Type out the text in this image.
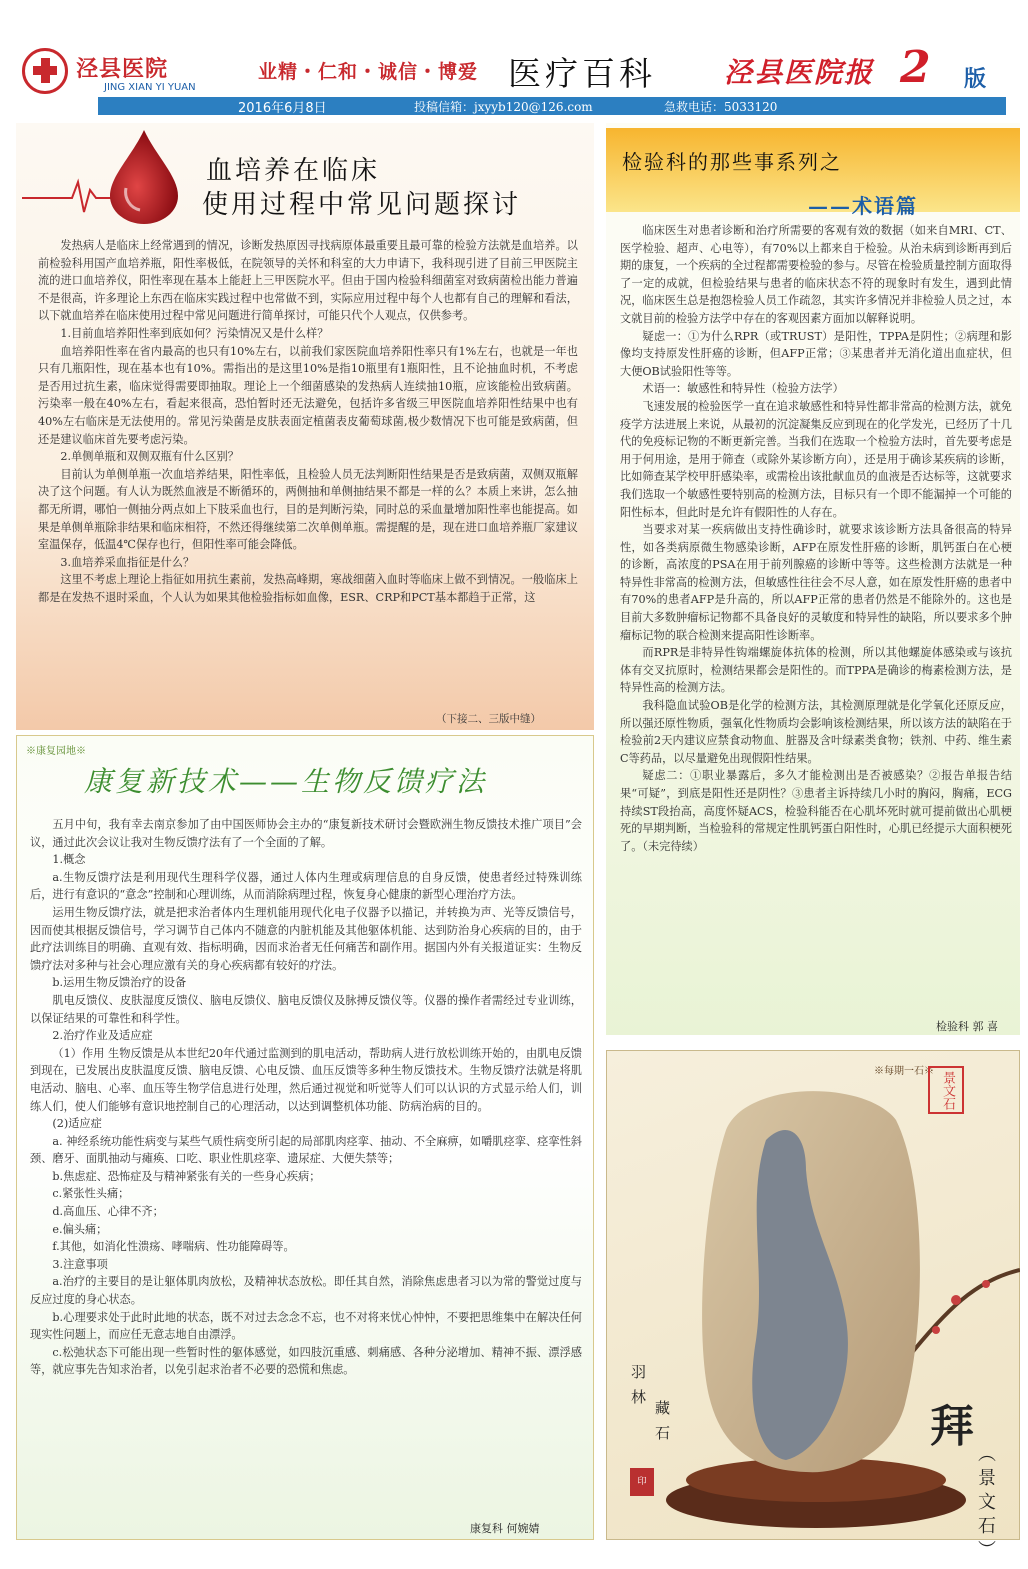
泾县医院
JING XIAN YI YUAN
业精・仁和・诚信・博爱 医疗百科 泾县医院报 2 版
2016年6月8日	投稿信箱：jxyyb120@126.com	急救电话：5033120
血培养在临床
使用过程中常见问题探讨

发热病人是临床上经常遇到的情况，诊断发热原因寻找病原体最重要且最可靠的检验方法就是血培养。以前检验科用国产血培养瓶，阳性率极低，在院领导的关怀和科室的大力申请下，我科现引进了目前三甲医院主流的进口血培养仪，阳性率现在基本上能赶上三甲医院水平。但由于国内检验科细菌室对致病菌检出能力普遍不是很高，许多理论上东西在临床实践过程中也常做不到，实际应用过程中每个人也都有自己的理解和看法，以下就血培养在临床使用过程中常见问题进行简单探讨，可能只代个人观点，仅供参考。

1.目前血培养阳性率到底如何？污染情况又是什么样？

血培养阳性率在省内最高的也只有10%左右，以前我们家医院血培养阳性率只有1%左右，也就是一年也只有几瓶阳性，现在基本也有10%。需指出的是这里10%是指10瓶里有1瓶阳性，且不论抽血时机，不考虑是否用过抗生素，临床觉得需要即抽取。理论上一个细菌感染的发热病人连续抽10瓶，应该能检出致病菌。污染率一般在40%左右，看起来很高，恐怕暂时还无法避免，包括许多省级三甲医院血培养阳性结果中也有40%左右临床是无法使用的。常见污染菌是皮肤表面定植菌表皮葡萄球菌,极少数情况下也可能是致病菌，但还是建议临床首先要考虑污染。

2.单侧单瓶和双侧双瓶有什么区别？

目前认为单侧单瓶一次血培养结果，阳性率低，且检验人员无法判断阳性结果是否是致病菌，双侧双瓶解决了这个问题。有人认为既然血液是不断循环的，两侧抽和单侧抽结果不都是一样的么？本质上来讲，怎么抽都无所谓，哪怕一侧抽分两点如上下肢采血也行，目的是判断污染，同时总的采血量增加阳性率也能提高。如果是单侧单瓶除非结果和临床相符，不然还得继续第二次单侧单瓶。需提醒的是，现在进口血培养瓶厂家建议室温保存，低温4℃保存也行，但阳性率可能会降低。

3.血培养采血指征是什么？

这里不考虑上理论上指征如用抗生素前，发热高峰期，寒战细菌入血时等临床上做不到情况。一般临床上都是在发热不退时采血，个人认为如果其他检验指标如血像，ESR、CRP和PCT基本都趋于正常，这

（下接二、三版中缝）
※康复园地※
康复新技术——生物反馈疗法

五月中旬，我有幸去南京参加了由中国医师协会主办的“康复新技术研讨会暨欧洲生物反馈技术推广项目”会议，通过此次会议让我对生物反馈疗法有了一个全面的了解。

1.概念

a.生物反馈疗法是利用现代生理科学仪器，通过人体内生理或病理信息的自身反馈，使患者经过特殊训练后，进行有意识的“意念”控制和心理训练，从而消除病理过程，恢复身心健康的新型心理治疗方法。

运用生物反馈疗法，就是把求治者体内生理机能用现代化电子仪器予以描记，并转换为声、光等反馈信号，因而使其根据反馈信号，学习调节自己体内不随意的内脏机能及其他躯体机能、达到防治身心疾病的目的，由于此疗法训练目的明确、直观有效、指标明确，因而求治者无任何痛苦和副作用。据国内外有关报道证实：生物反馈疗法对多种与社会心理应激有关的身心疾病都有较好的疗法。

b.运用生物反馈治疗的设备

肌电反馈仪、皮肤湿度反馈仪、脑电反馈仪、脑电反馈仪及脉搏反馈仪等。仪器的操作者需经过专业训练，以保证结果的可靠性和科学性。

2.治疗作业及适应症

（1）作用 生物反馈是从本世纪20年代通过监测到的肌电活动，帮助病人进行放松训练开始的，由肌电反馈到现在，已发展出皮肤温度反馈、脑电反馈、心电反馈、血压反馈等多种生物反馈技术。生物反馈疗法就是将肌电活动、脑电、心率、血压等生物学信息进行处理，然后通过视觉和听觉等人们可以认识的方式显示给人们，训练人们，使人们能够有意识地控制自己的心理活动，以达到调整机体功能、防病治病的目的。

(2)适应症

a. 神经系统功能性病变与某些气质性病变所引起的局部肌肉痉挛、抽动、不全麻痹，如嚼肌痉挛、痉挛性斜颈、磨牙、面肌抽动与瘫痪、口吃、职业性肌痉挛、遗尿症、大便失禁等；

b.焦虑症、恐怖症及与精神紧张有关的一些身心疾病；

c.紧张性头痛；

d.高血压、心律不齐；

e.偏头痛；

f.其他，如消化性溃疡、哮喘病、性功能障碍等。

3.注意事项

a.治疗的主要目的是让躯体肌肉放松，及精神状态放松。即任其自然，消除焦虑患者习以为常的警觉过度与反应过度的身心状态。

b.心理要求处于此时此地的状态，既不对过去念念不忘，也不对将来忧心忡忡，不要把思维集中在解决任何现实性问题上，而应任无意志地自由漂浮。

c.松弛状态下可能出现一些暂时性的躯体感觉，如四肢沉重感、刺痛感、各种分泌增加、精神不振、漂浮感等，就应事先告知求治者，以免引起求治者不必要的恐慌和焦虑。

康复科 何婉婧
检验科的那些事系列之
——术语篇

临床医生对患者诊断和治疗所需要的客观有效的数据（如来自MRI、CT、医学检验、超声、心电等），有70%以上都来自于检验。从治未病到诊断再到后期的康复，一个疾病的全过程都需要检验的参与。尽管在检验质量控制方面取得了一定的成就，但检验结果与患者的临床状态不符的现象时有发生，遇到此情况，临床医生总是抱怨检验人员工作疏忽，其实许多情况并非检验人员之过，本文就目前的检验方法学中存在的客观因素方面加以解释说明。

疑虑一：①为什么RPR（或TRUST）是阳性，TPPA是阴性；②病理和影像均支持原发性肝癌的诊断，但AFP正常；③某患者并无消化道出血症状，但大便OB试验阳性等等。

术语一：敏感性和特异性（检验方法学）

飞速发展的检验医学一直在追求敏感性和特异性都非常高的检测方法，就免疫学方法进展上来说，从最初的沉淀凝集反应到现在的化学发光，已经历了十几代的免疫标记物的不断更新完善。当我们在选取一个检验方法时，首先要考虑是用于何用途，是用于筛查（或除外某诊断方向），还是用于确诊某疾病的诊断，比如筛查某学校甲肝感染率，或需检出该批献血员的血液是否达标等，这就要求我们选取一个敏感性要特别高的检测方法，目标只有一个即不能漏掉一个可能的阳性标本，但此时是允许有假阳性的人存在。

当要求对某一疾病做出支持性确诊时，就要求该诊断方法具备很高的特异性，如各类病原微生物感染诊断，AFP在原发性肝癌的诊断，肌钙蛋白在心梗的诊断，高浓度的PSA在用于前列腺癌的诊断中等等。这些检测方法就是一种特异性非常高的检测方法，但敏感性往往会不尽人意，如在原发性肝癌的患者中有70%的患者AFP是升高的，所以AFP正常的患者仍然是不能除外的。这也是目前大多数肿瘤标记物都不具备良好的灵敏度和特异性的缺陷，所以要求多个肿瘤标记物的联合检测来提高阳性诊断率。

而RPR是非特异性钩端螺旋体抗体的检测，所以其他螺旋体感染或与该抗体有交叉抗原时，检测结果都会是阳性的。而TPPA是确诊的梅素检测方法，是特异性高的检测方法。

我科隐血试验OB是化学的检测方法，其检测原理就是化学氧化还原反应，所以强还原性物质，强氧化性物质均会影响该检测结果，所以该方法的缺陷在于检验前2天内建议应禁食动物血、脏器及含叶绿素类食物；铁剂、中药、维生素C等药品，以尽量避免出现假阳性结果。

疑虑二：①职业暴露后，多久才能检测出是否被感染？②报告单报告结果“可疑”，到底是阳性还是阴性？③患者主诉持续几小时的胸闷，胸痛，ECG持续ST段抬高，高度怀疑ACS，检验科能否在心肌坏死时就可提前做出心肌梗死的早期判断，当检验科的常规定性肌钙蛋白阳性时，心肌已经提示大面积梗死了。（未完待续）

检验科 郭 喜
※每期一石※ 景文石
拜
（景文石）
羽林
藏石
印
